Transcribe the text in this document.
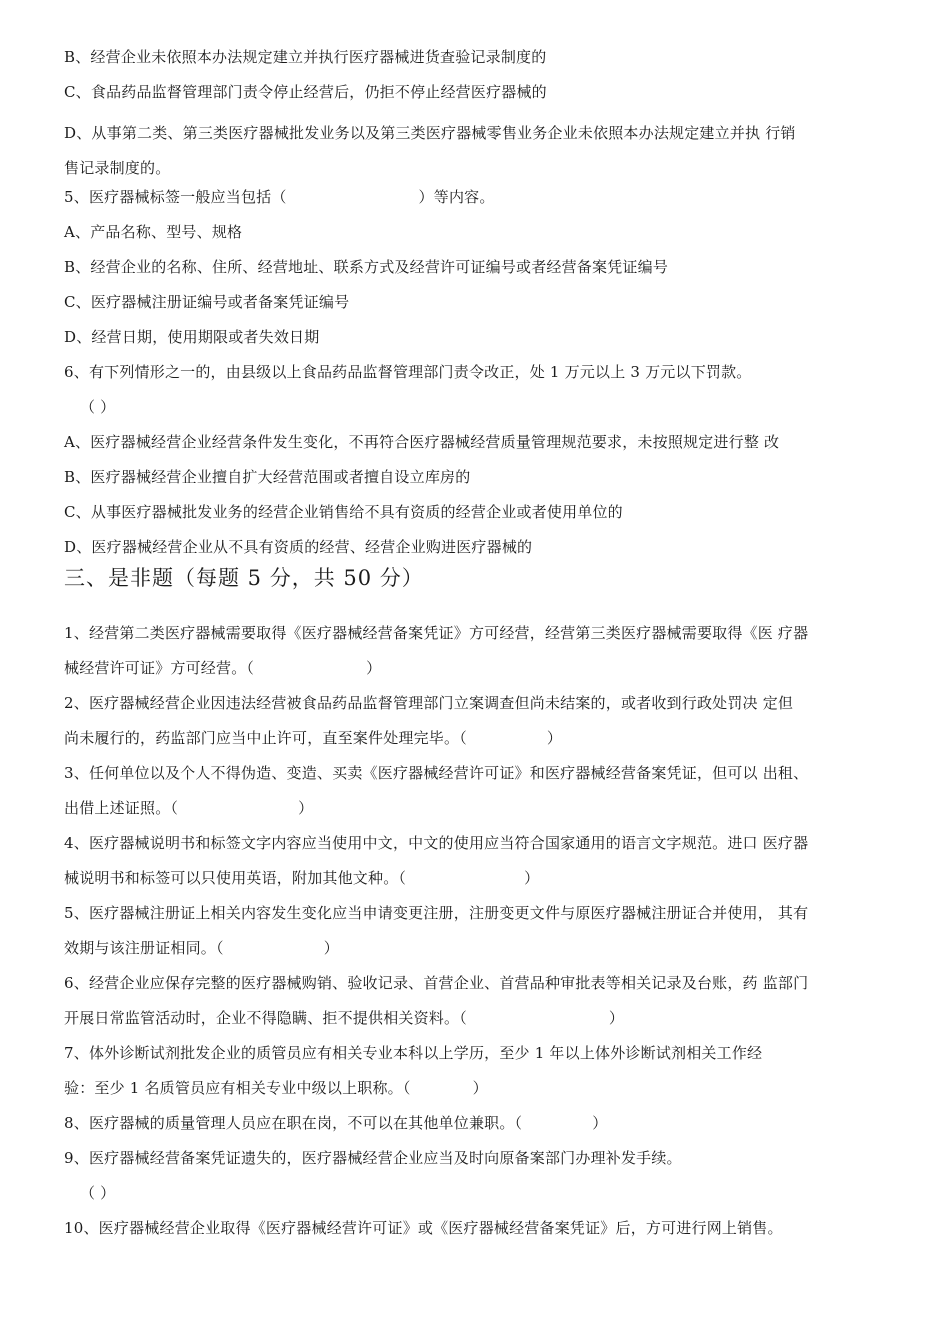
B、经营企业未依照本办法规定建立并执行医疗器械进货查验记录制度的
C、食品药品监督管理部门责令停止经营后，仍拒不停止经营医疗器械的
D、从事第二类、第三类医疗器械批发业务以及第三类医疗器械零售业务企业未依照本办法规定建立并执 行销
售记录制度的。
5、医疗器械标签一般应当包括（	）等内容。
A、产品名称、型号、规格
B、经营企业的名称、住所、经营地址、联系方式及经营许可证编号或者经营备案凭证编号
C、医疗器械注册证编号或者备案凭证编号
D、经营日期，使用期限或者失效日期
6、有下列情形之一的，由县级以上食品药品监督管理部门责令改正，处 1 万元以上 3 万元以下罚款。
（ ）
A、医疗器械经营企业经营条件发生变化，不再符合医疗器械经营质量管理规范要求，未按照规定进行整 改
B、医疗器械经营企业擅自扩大经营范围或者擅自设立库房的
C、从事医疗器械批发业务的经营企业销售给不具有资质的经营企业或者使用单位的
D、医疗器械经营企业从不具有资质的经营、经营企业购进医疗器械的
三、是非题（每题 5 分，共 50 分）
1、经营第二类医疗器械需要取得《医疗器械经营备案凭证》方可经营，经营第三类医疗器械需要取得《医 疗器
械经营许可证》方可经营。（	）
2、医疗器械经营企业因违法经营被食品药品监督管理部门立案调查但尚未结案的，或者收到行政处罚决 定但
尚未履行的，药监部门应当中止许可，直至案件处理完毕。（	）
3、任何单位以及个人不得伪造、变造、买卖《医疗器械经营许可证》和医疗器械经营备案凭证，但可以 出租、
出借上述证照。（	）
4、医疗器械说明书和标签文字内容应当使用中文，中文的使用应当符合国家通用的语言文字规范。进口 医疗器
械说明书和标签可以只使用英语，附加其他文种。（	）
5、医疗器械注册证上相关内容发生变化应当申请变更注册，注册变更文件与原医疗器械注册证合并使用， 其有
效期与该注册证相同。（	）
6、经营企业应保存完整的医疗器械购销、验收记录、首营企业、首营品种审批表等相关记录及台账，药 监部门
开展日常监管活动时，企业不得隐瞒、拒不提供相关资料。（	）
7、体外诊断试剂批发企业的质管员应有相关专业本科以上学历，至少 1 年以上体外诊断试剂相关工作经
验：至少 1 名质管员应有相关专业中级以上职称。（	）
8、医疗器械的质量管理人员应在职在岗，不可以在其他单位兼职。（	）
9、医疗器械经营备案凭证遗失的，医疗器械经营企业应当及时向原备案部门办理补发手续。
（ ）
10、医疗器械经营企业取得《医疗器械经营许可证》或《医疗器械经营备案凭证》后，方可进行网上销售。
